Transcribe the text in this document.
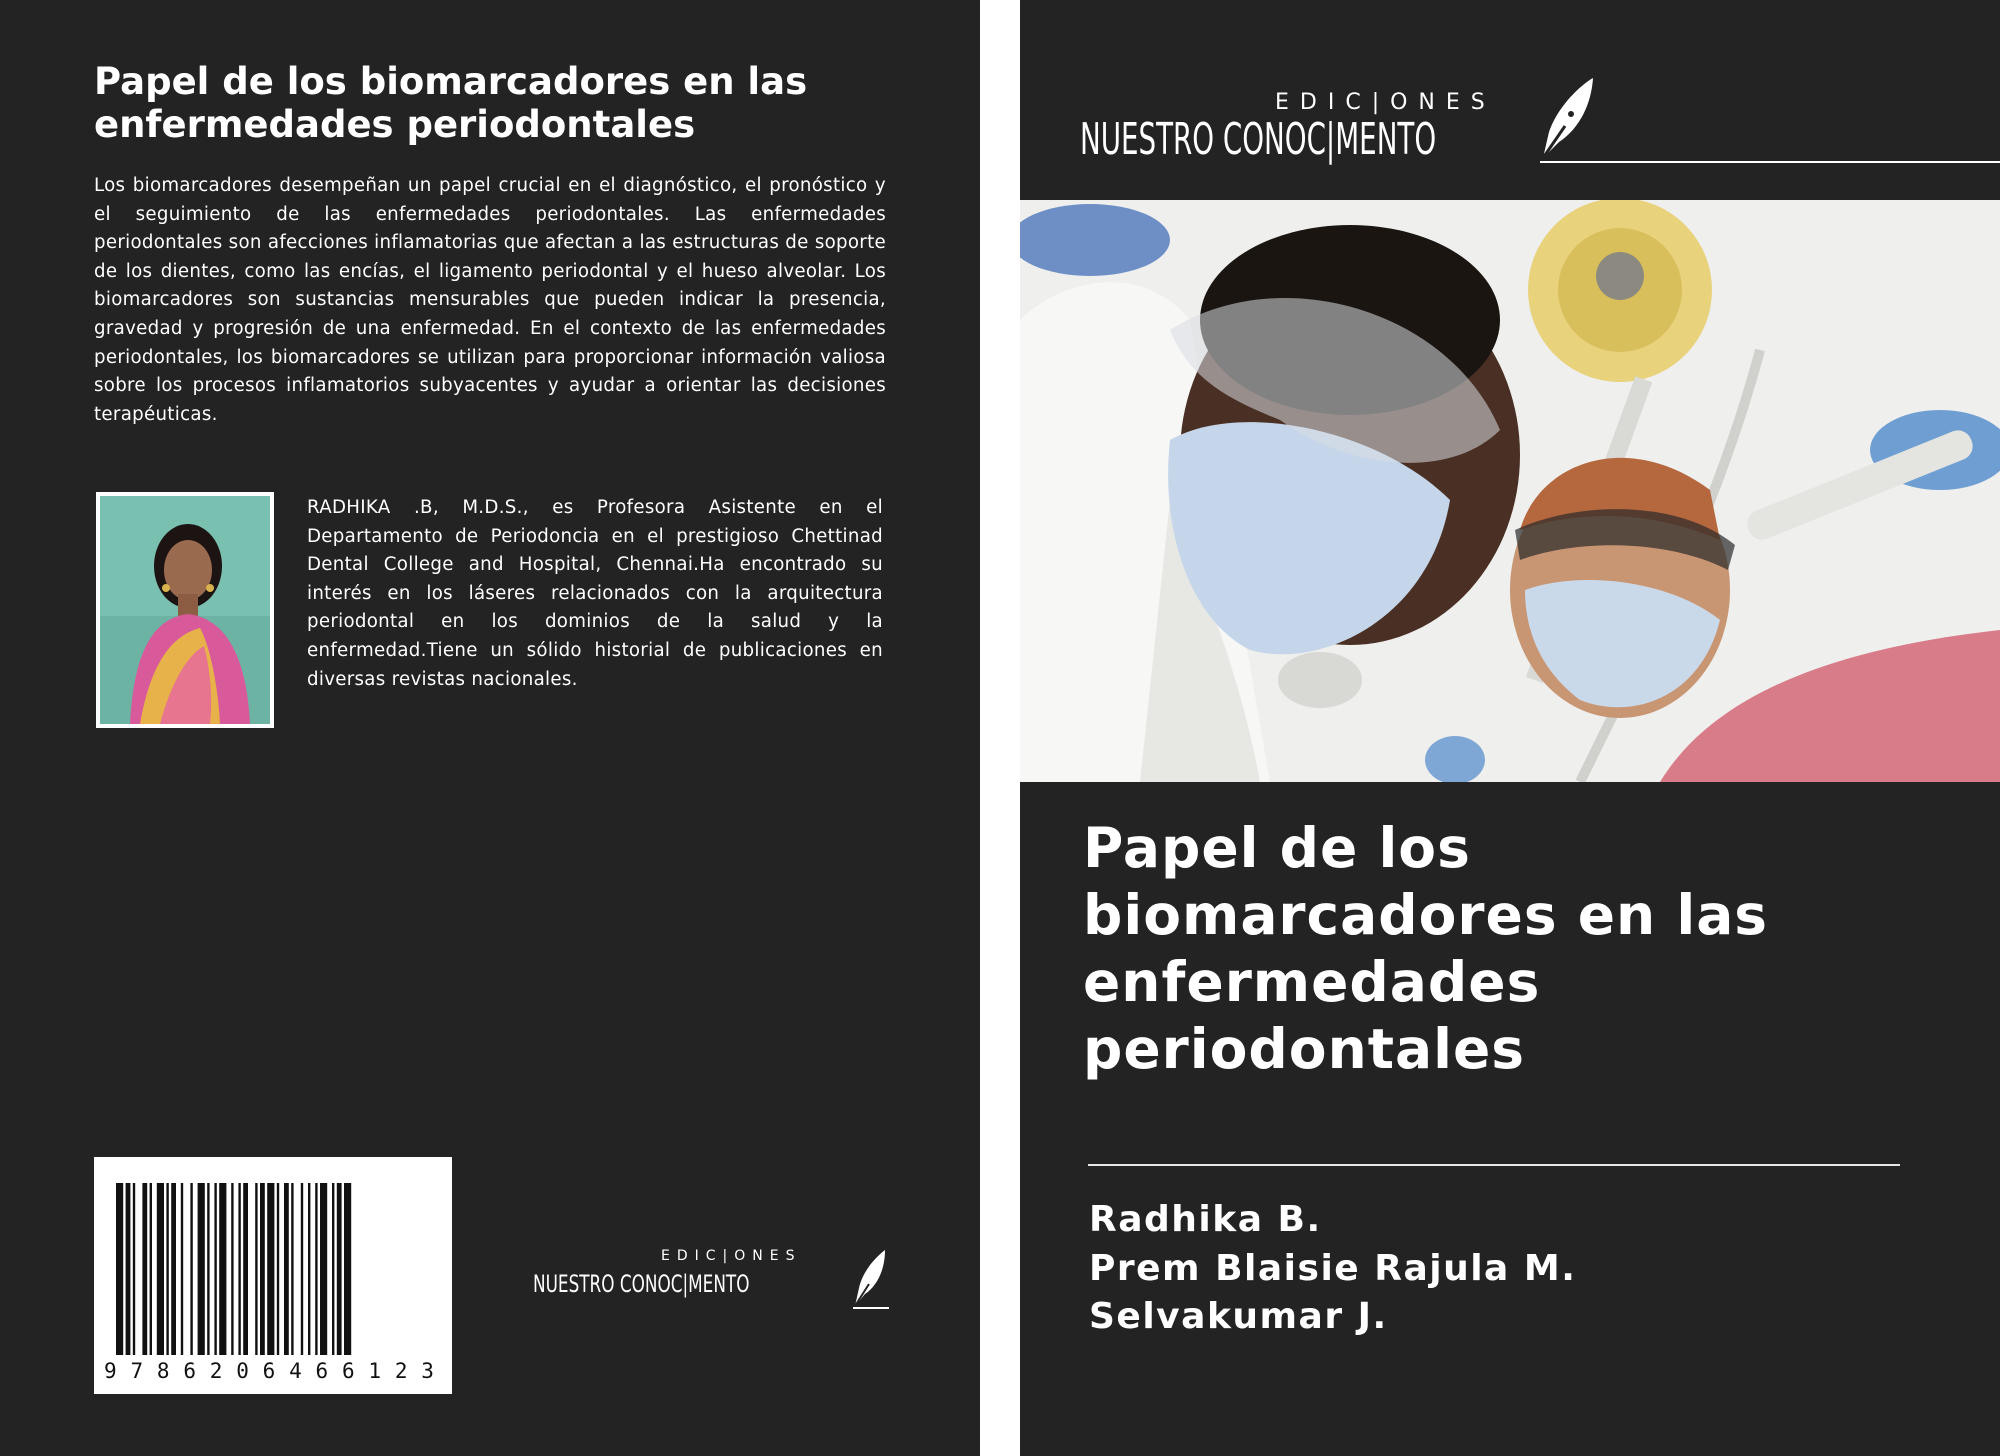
Papel de los biomarcadores en las enfermedades periodontales

Los biomarcadores desempeñan un papel crucial en el diagnóstico, el pronóstico y el seguimiento de las enfermedades periodontales. Las enfermedades periodontales son afecciones inflamatorias que afectan a las estructuras de soporte de los dientes, como las encías, el ligamento periodontal y el hueso alveolar. Los biomarcadores son sustancias mensurables que pueden indicar la presencia, gravedad y progresión de una enfermedad. En el contexto de las enfermedades periodontales, los biomarcadores se utilizan para proporcionar información valiosa sobre los procesos inflamatorios subyacentes y ayudar a orientar las decisiones terapéuticas.

RADHIKA .B, M.D.S., es Profesora Asistente en el Departamento de Periodoncia en el prestigioso Chettinad Dental College and Hospital, Chennai.Ha encontrado su interés en los láseres relacionados con la arquitectura periodontal en los dominios de la salud y la enfermedad.Tiene un sólido historial de publicaciones en diversas revistas nacionales.

9 7 8 6 2 0 6 4 6 6 1 2 3
EDIC|ONES
NUESTRO CONOC|MENTO
EDIC|ONES
NUESTRO CONOC|MENTO
Papel de los
biomarcadores en las
enfermedades
periodontales
Radhika B.
Prem Blaisie Rajula M.
Selvakumar J.
